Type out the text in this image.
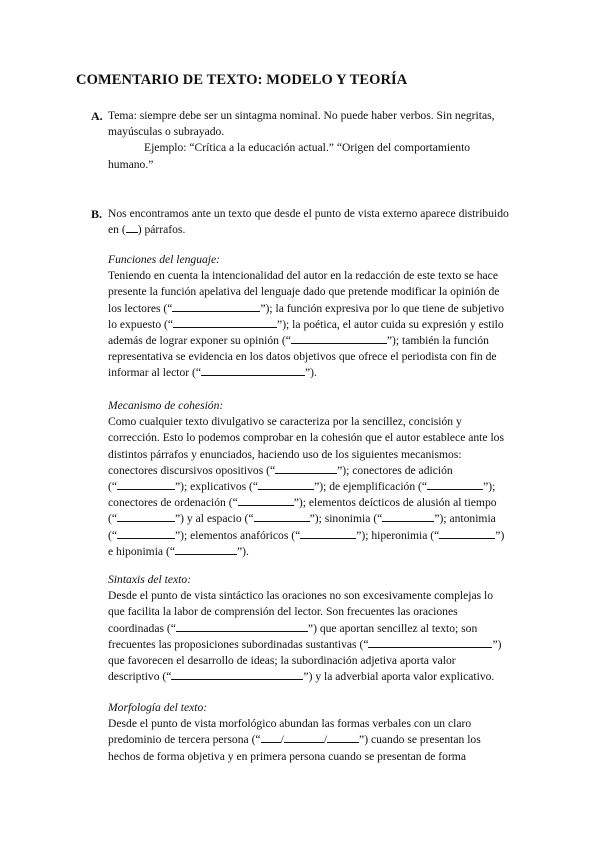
COMENTARIO DE TEXTO: MODELO Y TEORÍA
A. Tema: siempre debe ser un sintagma nominal. No puede haber verbos. Sin negritas,
mayúsculas o subrayado.
Ejemplo: “Crítica a la educación actual.” “Origen del comportamiento
humano.”
B. Nos encontramos ante un texto que desde el punto de vista externo aparece distribuido
en ( ) párrafos.
Funciones del lenguaje:
Teniendo en cuenta la intencionalidad del autor en la redacción de este texto se hace
presente la función apelativa del lenguaje dado que pretende modificar la opinión de
los lectores (“	”); la función expresiva por lo que tiene de subjetivo
lo expuesto (“	”); la poética, el autor cuida su expresión y estilo
además de lograr exponer su opinión (“	”); también la función
representativa se evidencia en los datos objetivos que ofrece el periodista con fin de
informar al lector (“	”).
Mecanismo de cohesión:
Como cualquier texto divulgativo se caracteriza por la sencillez, concisión y
corrección. Esto lo podemos comprobar en la cohesión que el autor establece ante los
distintos párrafos y enunciados, haciendo uso de los siguientes mecanismos:
conectores discursivos opositivos (“	”); conectores de adición
(“	”); explicativos (“	”); de ejemplificación (“	”);
conectores de ordenación (“	”); elementos deícticos de alusión al tiempo
(“	”) y al espacio (“	”); sinonimia (“	”); antonimia
(“	”); elementos anafóricos (“	”); hiperonimia (“	”)
e hiponimia (“	”).
Sintaxis del texto:
Desde el punto de vista sintáctico las oraciones no son excesivamente complejas lo
que facilita la labor de comprensión del lector. Son frecuentes las oraciones
coordinadas (“	”) que aportan sencillez al texto; son
frecuentes las proposiciones subordinadas sustantivas (“	”)
que favorecen el desarrollo de ideas; la subordinación adjetiva aporta valor
descriptivo (“	”) y la adverbial aporta valor explicativo.
Morfología del texto:
Desde el punto de vista morfológico abundan las formas verbales con un claro
predominio de tercera persona (“ /	/	”) cuando se presentan los
hechos de forma objetiva y en primera persona cuando se presentan de forma
